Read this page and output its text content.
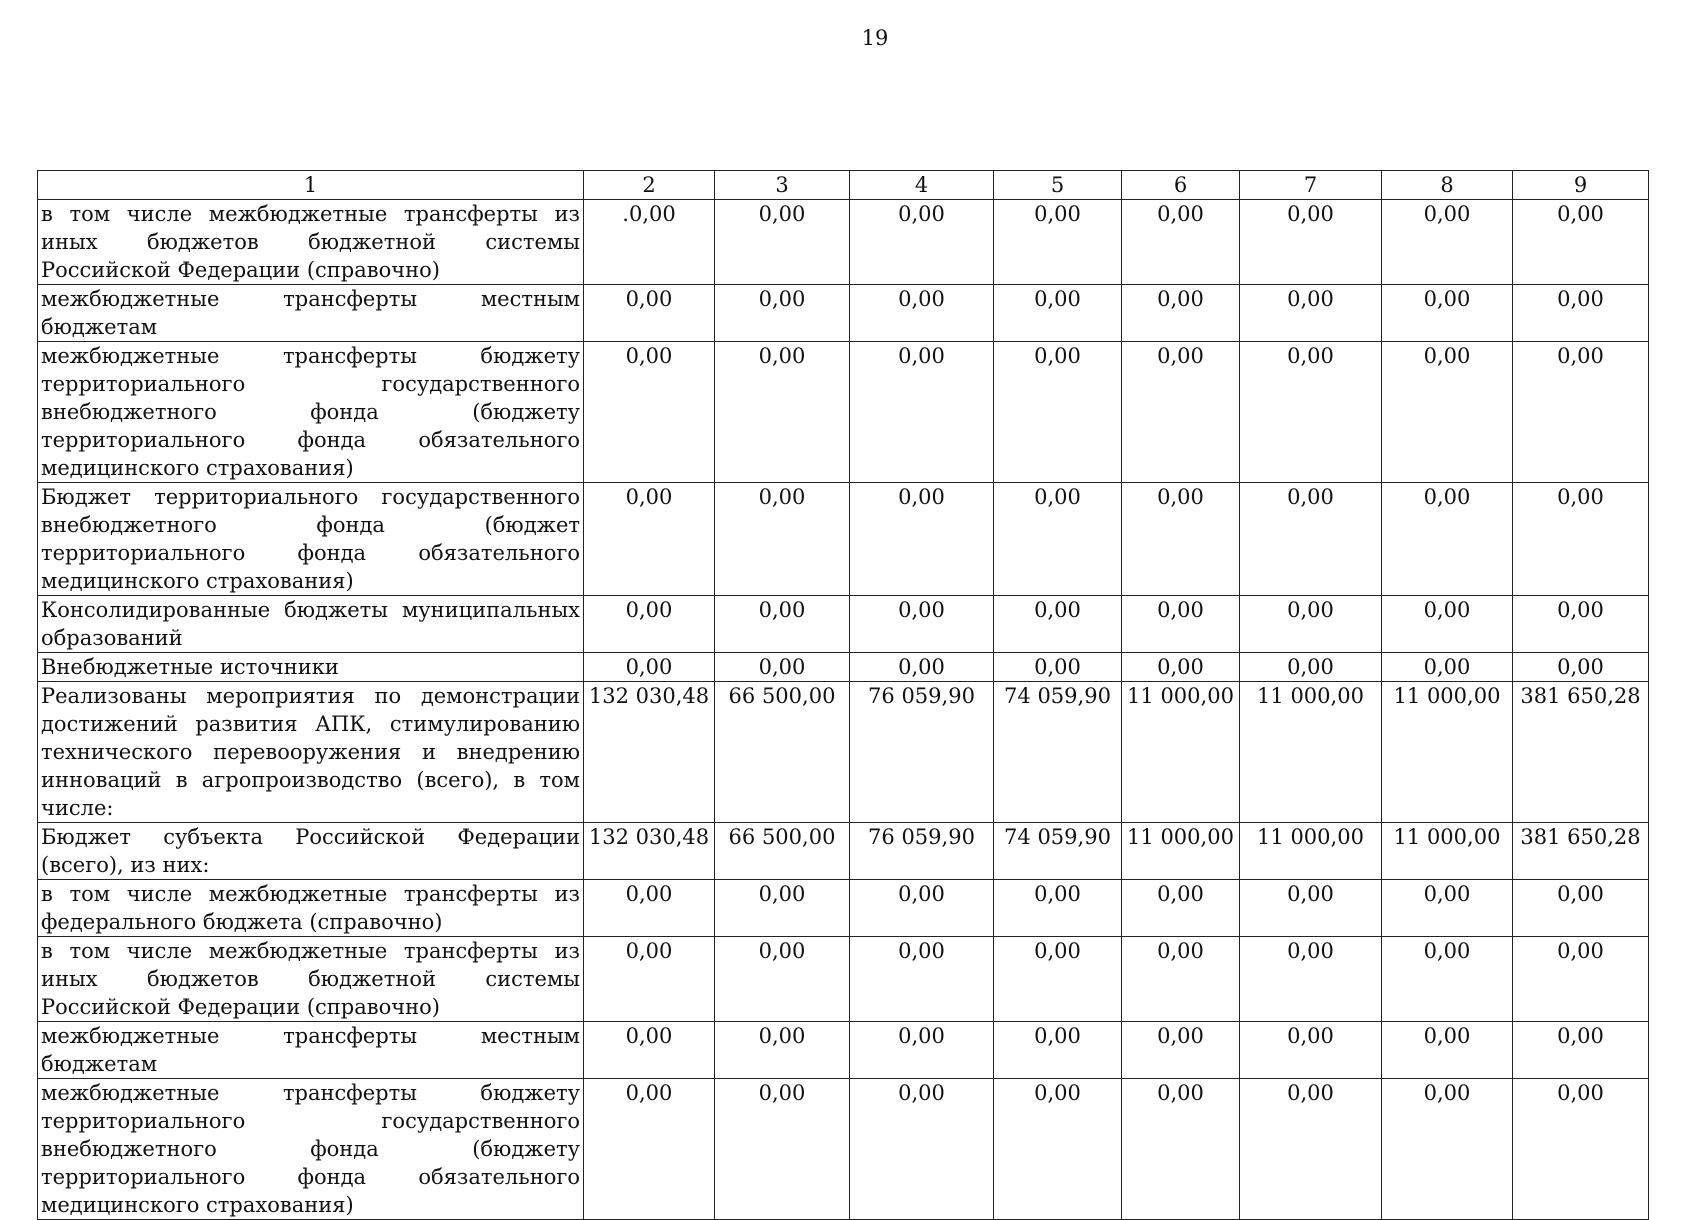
19
1	2	3	4	5	6	7	8	9
в том числе межбюджетные трансферты из иных бюджетов бюджетной системы Российской Федерации (справочно)	.0,00	0,00	0,00	0,00	0,00	0,00	0,00	0,00
межбюджетные трансферты местным бюджетам	0,00	0,00	0,00	0,00	0,00	0,00	0,00	0,00
межбюджетные трансферты бюджету территориального государственного внебюджетного фонда (бюджету территориального фонда обязательного медицинского страхования)	0,00	0,00	0,00	0,00	0,00	0,00	0,00	0,00
Бюджет территориального государственного внебюджетного фонда (бюджет территориального фонда обязательного медицинского страхования)	0,00	0,00	0,00	0,00	0,00	0,00	0,00	0,00
Консолидированные бюджеты муниципальных образований	0,00	0,00	0,00	0,00	0,00	0,00	0,00	0,00
Внебюджетные источники	0,00	0,00	0,00	0,00	0,00	0,00	0,00	0,00
Реализованы мероприятия по демонстрации достижений развития АПК, стимулированию технического перевооружения и внедрению инноваций в агропроизводство (всего), в том числе:	132 030,48	66 500,00	76 059,90	74 059,90	11 000,00	11 000,00	11 000,00	381 650,28
Бюджет субъекта Российской Федерации (всего), из них:	132 030,48	66 500,00	76 059,90	74 059,90	11 000,00	11 000,00	11 000,00	381 650,28
в том числе межбюджетные трансферты из федерального бюджета (справочно)	0,00	0,00	0,00	0,00	0,00	0,00	0,00	0,00
в том числе межбюджетные трансферты из иных бюджетов бюджетной системы Российской Федерации (справочно)	0,00	0,00	0,00	0,00	0,00	0,00	0,00	0,00
межбюджетные трансферты местным бюджетам	0,00	0,00	0,00	0,00	0,00	0,00	0,00	0,00
межбюджетные трансферты бюджету территориального государственного внебюджетного фонда (бюджету территориального фонда обязательного медицинского страхования)	0,00	0,00	0,00	0,00	0,00	0,00	0,00	0,00
